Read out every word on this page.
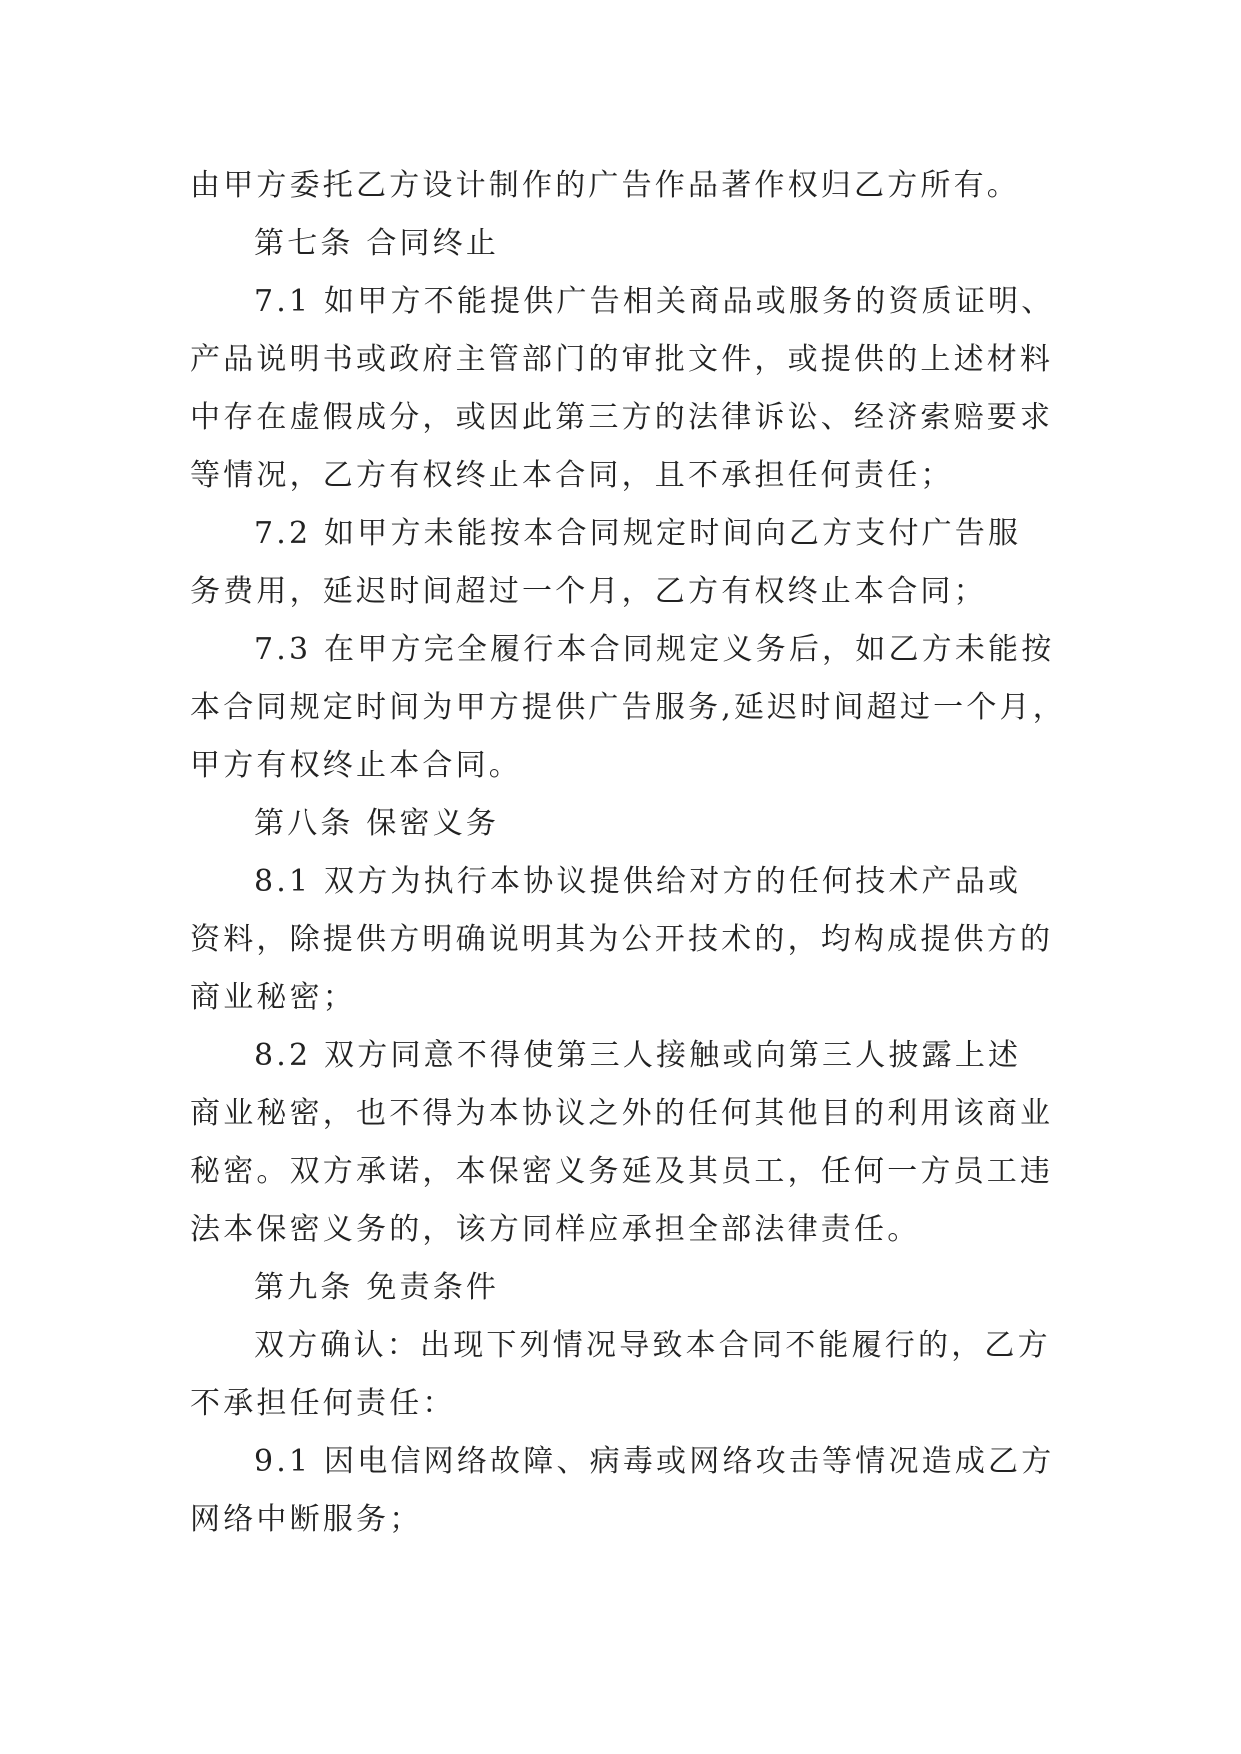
由甲方委托乙方设计制作的广告作品著作权归乙方所有。
第七条 合同终止
7.1 如甲方不能提供广告相关商品或服务的资质证明、
产品说明书或政府主管部门的审批文件，或提供的上述材料
中存在虚假成分，或因此第三方的法律诉讼、经济索赔要求
等情况，乙方有权终止本合同，且不承担任何责任；
7.2 如甲方未能按本合同规定时间向乙方支付广告服
务费用，延迟时间超过一个月，乙方有权终止本合同；
7.3 在甲方完全履行本合同规定义务后，如乙方未能按
本合同规定时间为甲方提供广告服务,延迟时间超过一个月，
甲方有权终止本合同。
第八条 保密义务
8.1 双方为执行本协议提供给对方的任何技术产品或
资料，除提供方明确说明其为公开技术的，均构成提供方的
商业秘密；
8.2 双方同意不得使第三人接触或向第三人披露上述
商业秘密，也不得为本协议之外的任何其他目的利用该商业
秘密。双方承诺，本保密义务延及其员工，任何一方员工违
法本保密义务的，该方同样应承担全部法律责任。
第九条 免责条件
双方确认：出现下列情况导致本合同不能履行的，乙方
不承担任何责任：
9.1 因电信网络故障、病毒或网络攻击等情况造成乙方
网络中断服务；
